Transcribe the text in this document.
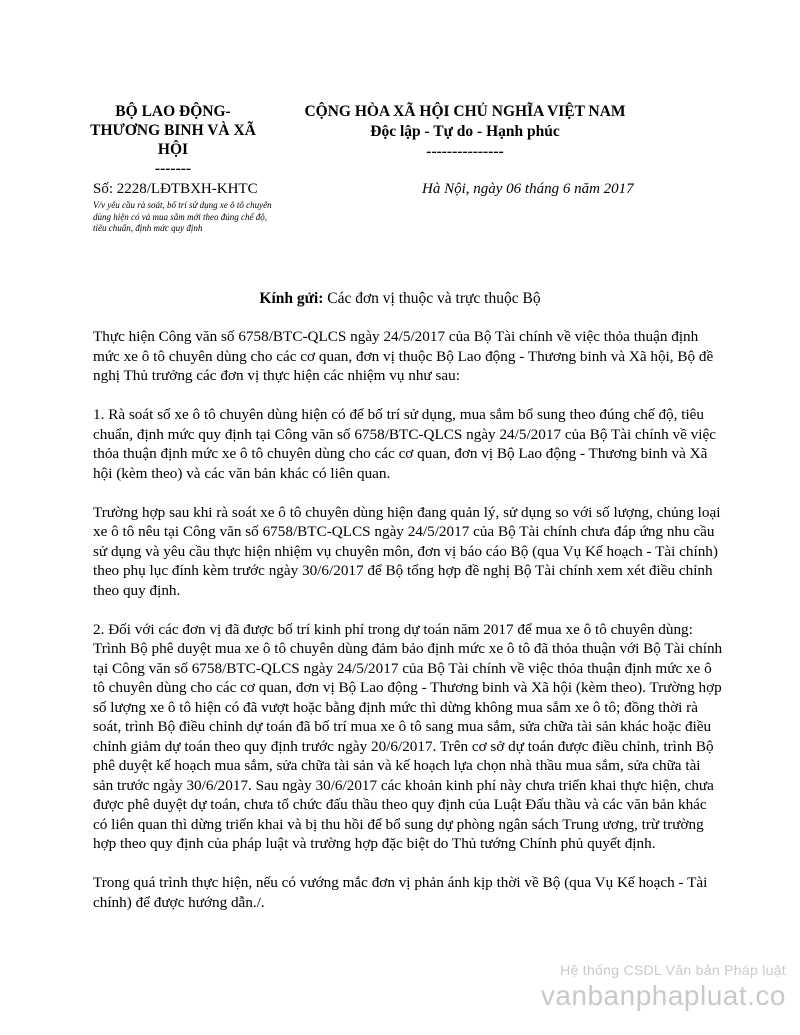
BỘ LAO ĐỘNG-
THƯƠNG BINH VÀ XÃ
HỘI
-------
CỘNG HÒA XÃ HỘI CHỦ NGHĨA VIỆT NAM
Độc lập - Tự do - Hạnh phúc
---------------
Số: 2228/LĐTBXH-KHTC
V/v yêu cầu rà soát, bố trí sử dụng xe ô tô chuyên dùng hiện có và mua sắm mới theo đúng chế độ, tiêu chuẩn, định mức quy định
Hà Nội, ngày 06 tháng 6 năm 2017
Kính gửi: Các đơn vị thuộc và trực thuộc Bộ

Thực hiện Công văn số 6758/BTC-QLCS ngày 24/5/2017 của Bộ Tài chính về việc thỏa thuận định mức xe ô tô chuyên dùng cho các cơ quan, đơn vị thuộc Bộ Lao động - Thương binh và Xã hội, Bộ đề nghị Thủ trưởng các đơn vị thực hiện các nhiệm vụ như sau:

1. Rà soát số xe ô tô chuyên dùng hiện có để bố trí sử dụng, mua sắm bổ sung theo đúng chế độ, tiêu chuẩn, định mức quy định tại Công văn số 6758/BTC-QLCS ngày 24/5/2017 của Bộ Tài chính về việc thỏa thuận định mức xe ô tô chuyên dùng cho các cơ quan, đơn vị Bộ Lao động - Thương binh và Xã hội (kèm theo) và các văn bản khác có liên quan.

Trường hợp sau khi rà soát xe ô tô chuyên dùng hiện đang quản lý, sử dụng so với số lượng, chủng loại xe ô tô nêu tại Công văn số 6758/BTC-QLCS ngày 24/5/2017 của Bộ Tài chính chưa đáp ứng nhu cầu sử dụng và yêu cầu thực hiện nhiệm vụ chuyên môn, đơn vị báo cáo Bộ (qua Vụ Kế hoạch - Tài chính) theo phụ lục đính kèm trước ngày 30/6/2017 để Bộ tổng hợp đề nghị Bộ Tài chính xem xét điều chỉnh theo quy định.

2. Đối với các đơn vị đã được bố trí kinh phí trong dự toán năm 2017 để mua xe ô tô chuyên dùng: Trình Bộ phê duyệt mua xe ô tô chuyên dùng đảm bảo định mức xe ô tô đã thỏa thuận với Bộ Tài chính tại Công văn số 6758/BTC-QLCS ngày 24/5/2017 của Bộ Tài chính về việc thỏa thuận định mức xe ô tô chuyên dùng cho các cơ quan, đơn vị Bộ Lao động - Thương binh và Xã hội (kèm theo). Trường hợp số lượng xe ô tô hiện có đã vượt hoặc bằng định mức thì dừng không mua sắm xe ô tô; đồng thời rà soát, trình Bộ điều chỉnh dự toán đã bố trí mua xe ô tô sang mua sắm, sửa chữa tài sản khác hoặc điều chỉnh giảm dự toán theo quy định trước ngày 20/6/2017. Trên cơ sở dự toán được điều chỉnh, trình Bộ phê duyệt kế hoạch mua sắm, sửa chữa tài sản và kế hoạch lựa chọn nhà thầu mua sắm, sửa chữa tài sản trước ngày 30/6/2017. Sau ngày 30/6/2017 các khoản kinh phí này chưa triển khai thực hiện, chưa được phê duyệt dự toán, chưa tổ chức đấu thầu theo quy định của Luật Đấu thầu và các văn bản khác có liên quan thì dừng triển khai và bị thu hồi để bổ sung dự phòng ngân sách Trung ương, trừ trường hợp theo quy định của pháp luật và trường hợp đặc biệt do Thủ tướng Chính phủ quyết định.

Trong quá trình thực hiện, nếu có vướng mắc đơn vị phản ánh kịp thời về Bộ (qua Vụ Kế hoạch - Tài chính) để được hướng dẫn./.

Hệ thống CSDL Văn bản Pháp luật
vanbanphapluat.co
